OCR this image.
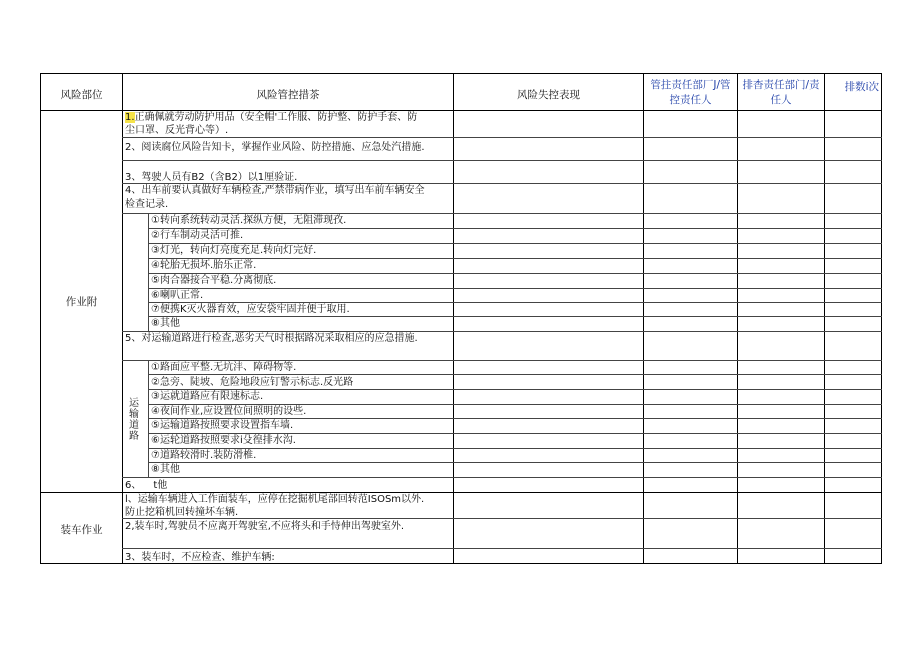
风险部位	风险管控措茶	风险失控表现
管拄责任部厂J/管
控责任人
排杳责任部门/责
任人
排数i次
作业附
装车作业
运
输
道
路
1.正确佩就劳动防护用品（安全帽'工作服、防护整、防护手套、防
尘口罩、反光背心等）.
2、阅读腐位风险告知卡，掌握作业风险、防控措施、应急处汽措施.
3、驾驶人员有B2（含B2）以1厘验证.
4、出车前要认真做好车辆检查,严禁带病作业，填写出车前车辆安全
检查记录.
①转向系统转动灵活.探纵方便，无阻滞现孜.
②行车制动灵活可推.
③灯光，转向灯亮度充足.转向灯完好.
④轮胎无损坏.胎乐正常.
⑤肉合器接合平稳.分离彻底.
⑥喇叭正常.
⑦便携K灭火器育效，应安袋牢固并便于取用.
⑧其他
5、对运输道路进行检查,恶劣天气时根据路况采取相应的应急措施.
①路面应平整.无坑沣、障碍物等.
②急旁、陡坡、危险地段应钉警示标志.反光路
③运就道路应有限速标志.
④夜间作业,应设置位间照明的设些.
⑤运输道路按照要求设置指车墙.
⑥运轮道路按照要求i殳徨排水沟.
⑦道路较滑时.装防滑椎.
⑧其他
6、 t他
l、运输车辆进入工作面装车，应停在挖掘机尾部回转范ISOSm以外.
防止挖箱机回转撞坏车辆.
2,装车时,驾驶员不应离开驾驶室,不应将头和手恃伸出驾驶室外.
3、装车时，不应检查、维护车辆:
